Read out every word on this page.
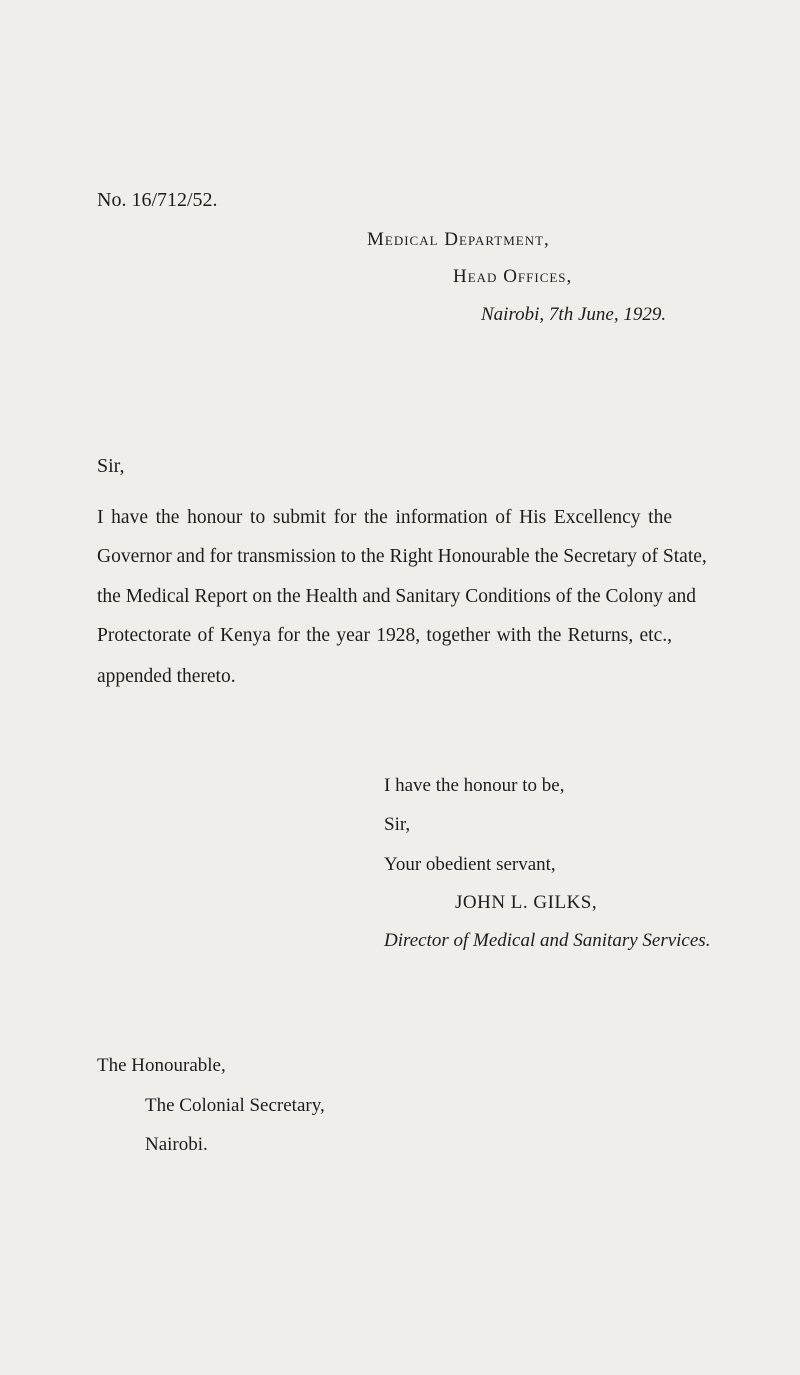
No. 16/712/52.
Medical Department,
Head Offices,
Nairobi, 7th June, 1929.
Sir,
I have the honour to submit for the information of His Excellency the
Governor and for transmission to the Right Honourable the Secretary of State,
the Medical Report on the Health and Sanitary Conditions of the Colony and
Protectorate of Kenya for the year 1928, together with the Returns, etc.,
appended thereto.
I have the honour to be,
Sir,
Your obedient servant,
JOHN L. GILKS,
Director of Medical and Sanitary Services.
The Honourable,
The Colonial Secretary,
Nairobi.
